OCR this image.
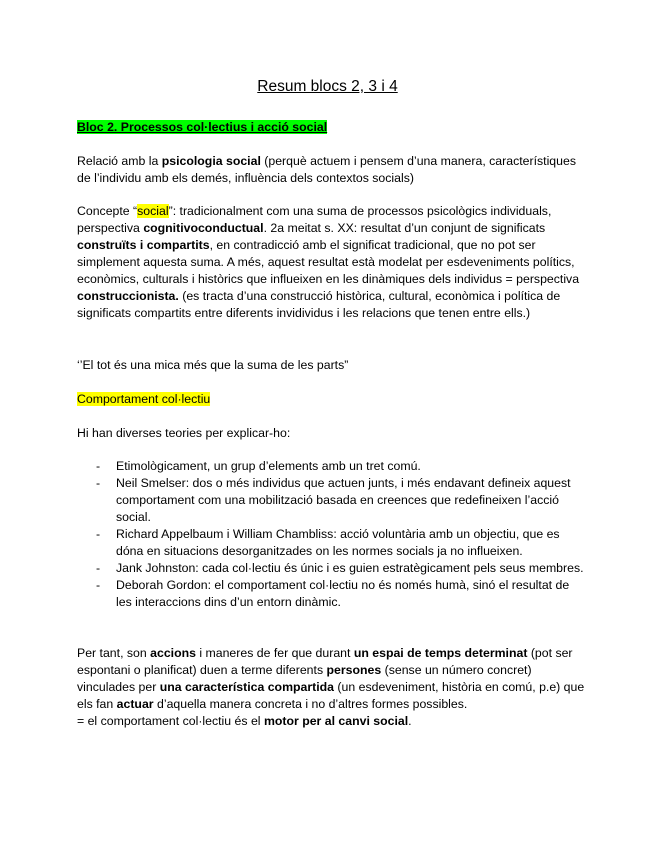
Resum blocs 2, 3 i 4

Bloc 2. Processos col·lectius i acció social

Relació amb la psicologia social (perquè actuem i pensem d’una manera, característiques de l’individu amb els demés, influència dels contextos socials)

Concepte “social”: tradicionalment com una suma de processos psicològics individuals, perspectiva cognitivoconductual. 2a meitat s. XX: resultat d’un conjunt de significats construïts i compartits, en contradicció amb el significat tradicional, que no pot ser simplement aquesta suma. A més, aquest resultat està modelat per esdeveniments polítics, econòmics, culturals i històrics que influeixen en les dinàmiques dels individus = perspectiva construccionista. (es tracta d’una construcció històrica, cultural, econòmica i política de significats compartits entre diferents invidividus i les relacions que tenen entre ells.)

‘’El tot és una mica més que la suma de les parts”

Comportament col·lectiu

Hi han diverses teories per explicar-ho:

- Etimològicament, un grup d’elements amb un tret comú.
- Neil Smelser: dos o més individus que actuen junts, i més endavant defineix aquest comportament com una mobilització basada en creences que redefineixen l’acció social.
- Richard Appelbaum i William Chambliss: acció voluntària amb un objectiu, que es dóna en situacions desorganitzades on les normes socials ja no influeixen.
- Jank Johnston: cada col·lectiu és únic i es guien estratègicament pels seus membres.
- Deborah Gordon: el comportament col·lectiu no és només humà, sinó el resultat de les interaccions dins d’un entorn dinàmic.

Per tant, son accions i maneres de fer que durant un espai de temps determinat (pot ser espontani o planificat) duen a terme diferents persones (sense un número concret) vinculades per una característica compartida (un esdeveniment, història en comú, p.e) que els fan actuar d’aquella manera concreta i no d’altres formes possibles.
= el comportament col·lectiu és el motor per al canvi social.
